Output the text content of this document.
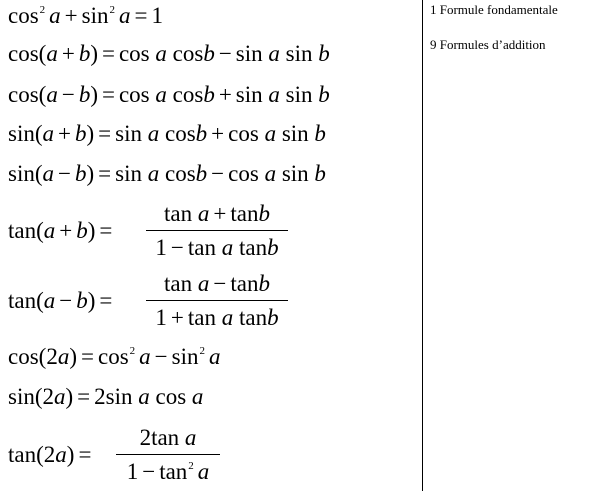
$\cos^2 a + \sin^2 a = 1$
cos(a + b) = cos a cosb − sin a sin b
cos(a − b) = cos a cosb + sin a sin b
sin(a + b) = sin a cosb + cos a sin b
sin(a − b) = sin a cosb − cos a sin b
tan(a + b) =
tan a + tanb
1 − tan a tanb
tan(a − b) =
tan a − tanb
1 + tan a tanb
$\cos(2a) = \cos^2 a - \sin^2 a$
sin(2a) = 2sin a cos a
tan(2a) =
2tan a
$1 - \tan^2 a$
1 Formule fondamentale
9 Formules d’addition
